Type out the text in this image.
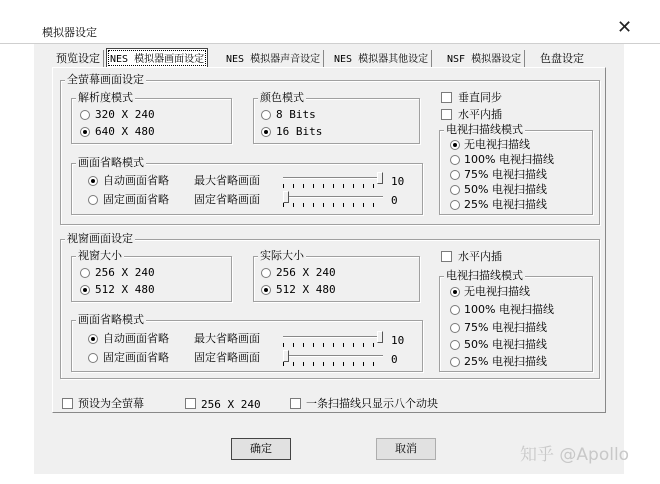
模拟器设定	✕
预览设定	NES 模拟器画面设定	NES 模拟器声音设定	NES 模拟器其他设定	NSF 模拟器设定	色盘设定
全萤幕画面设定
解析度模式
320 X 240
640 X 480
颜色模式
8 Bits
16 Bits
画面省略模式
自动画面省略
固定画面省略
最大省略画面
固定省略画面
10
0
垂直同步
水平内插
电视扫描线模式
无电视扫描线
100% 电视扫描线
75% 电视扫描线
50% 电视扫描线
25% 电视扫描线
视窗画面设定
视窗大小
256 X 240
512 X 480
实际大小
256 X 240
512 X 480
画面省略模式
自动画面省略
固定画面省略
最大省略画面
固定省略画面
10
0
水平内插
电视扫描线模式
无电视扫描线
100% 电视扫描线
75% 电视扫描线
50% 电视扫描线
25% 电视扫描线
预设为全萤幕	256 X 240	一条扫描线只显示八个动块
确定	取消	知乎 @Apollo
